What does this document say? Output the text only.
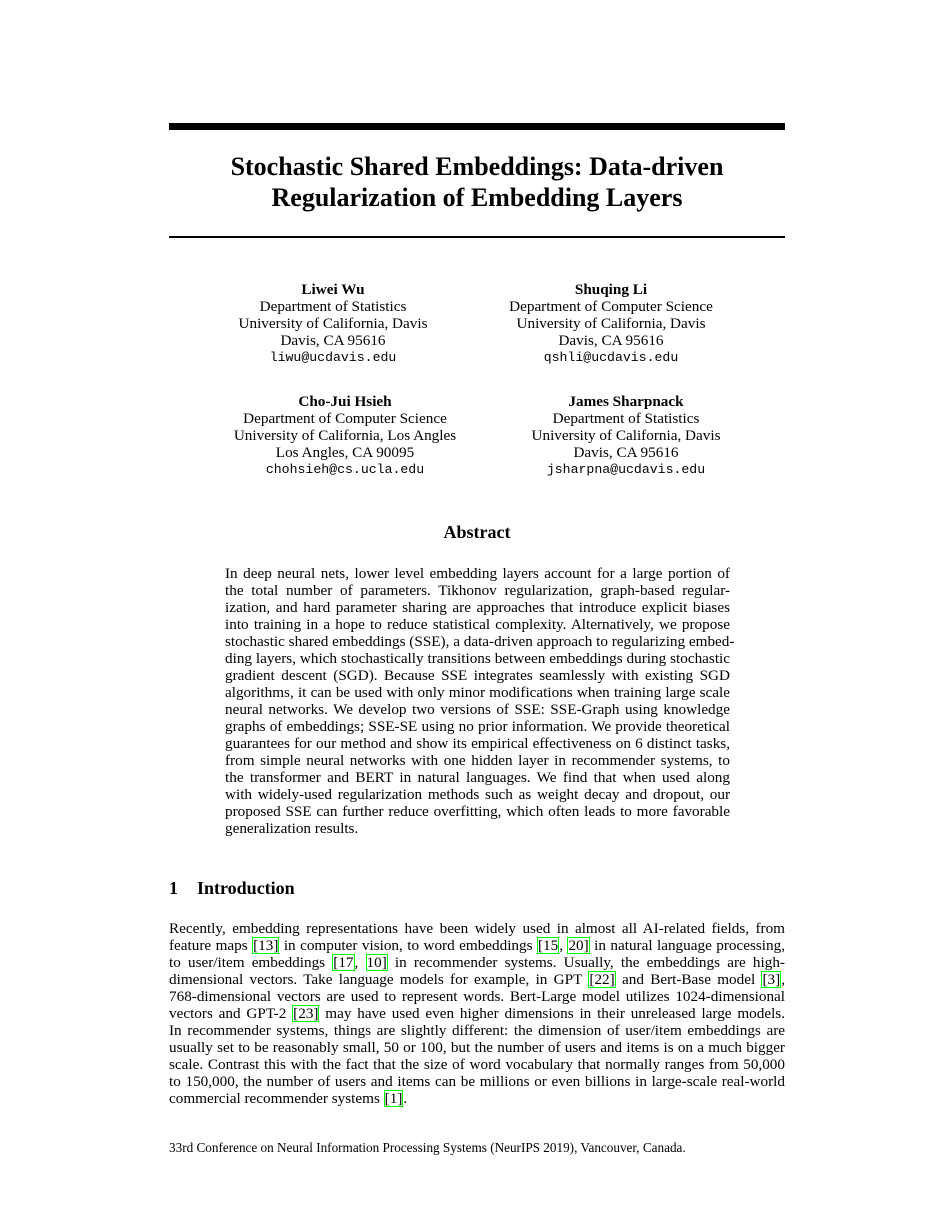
Stochastic Shared Embeddings: Data-driven
Regularization of Embedding Layers
Liwei Wu
Department of Statistics
University of California, Davis
Davis, CA 95616
liwu@ucdavis.edu
Shuqing Li
Department of Computer Science
University of California, Davis
Davis, CA 95616
qshli@ucdavis.edu
Cho-Jui Hsieh
Department of Computer Science
University of California, Los Angles
Los Angles, CA 90095
chohsieh@cs.ucla.edu
James Sharpnack
Department of Statistics
University of California, Davis
Davis, CA 95616
jsharpna@ucdavis.edu
Abstract
In deep neural nets, lower level embedding layers account for a large portion of
the total number of parameters. Tikhonov regularization, graph-based regular-
ization, and hard parameter sharing are approaches that introduce explicit biases
into training in a hope to reduce statistical complexity. Alternatively, we propose
stochastic shared embeddings (SSE), a data-driven approach to regularizing embed-
ding layers, which stochastically transitions between embeddings during stochastic
gradient descent (SGD). Because SSE integrates seamlessly with existing SGD
algorithms, it can be used with only minor modifications when training large scale
neural networks. We develop two versions of SSE: SSE-Graph using knowledge
graphs of embeddings; SSE-SE using no prior information. We provide theoretical
guarantees for our method and show its empirical effectiveness on 6 distinct tasks,
from simple neural networks with one hidden layer in recommender systems, to
the transformer and BERT in natural languages. We find that when used along
with widely-used regularization methods such as weight decay and dropout, our
proposed SSE can further reduce overfitting, which often leads to more favorable
generalization results.
1 Introduction
Recently, embedding representations have been widely used in almost all AI-related fields, from
feature maps [13] in computer vision, to word embeddings [15, 20] in natural language processing,
to user/item embeddings [17, 10] in recommender systems. Usually, the embeddings are high-
dimensional vectors. Take language models for example, in GPT [22] and Bert-Base model [3],
768-dimensional vectors are used to represent words. Bert-Large model utilizes 1024-dimensional
vectors and GPT-2 [23] may have used even higher dimensions in their unreleased large models.
In recommender systems, things are slightly different: the dimension of user/item embeddings are
usually set to be reasonably small, 50 or 100, but the number of users and items is on a much bigger
scale. Contrast this with the fact that the size of word vocabulary that normally ranges from 50,000
to 150,000, the number of users and items can be millions or even billions in large-scale real-world
commercial recommender systems [1].
33rd Conference on Neural Information Processing Systems (NeurIPS 2019), Vancouver, Canada.
